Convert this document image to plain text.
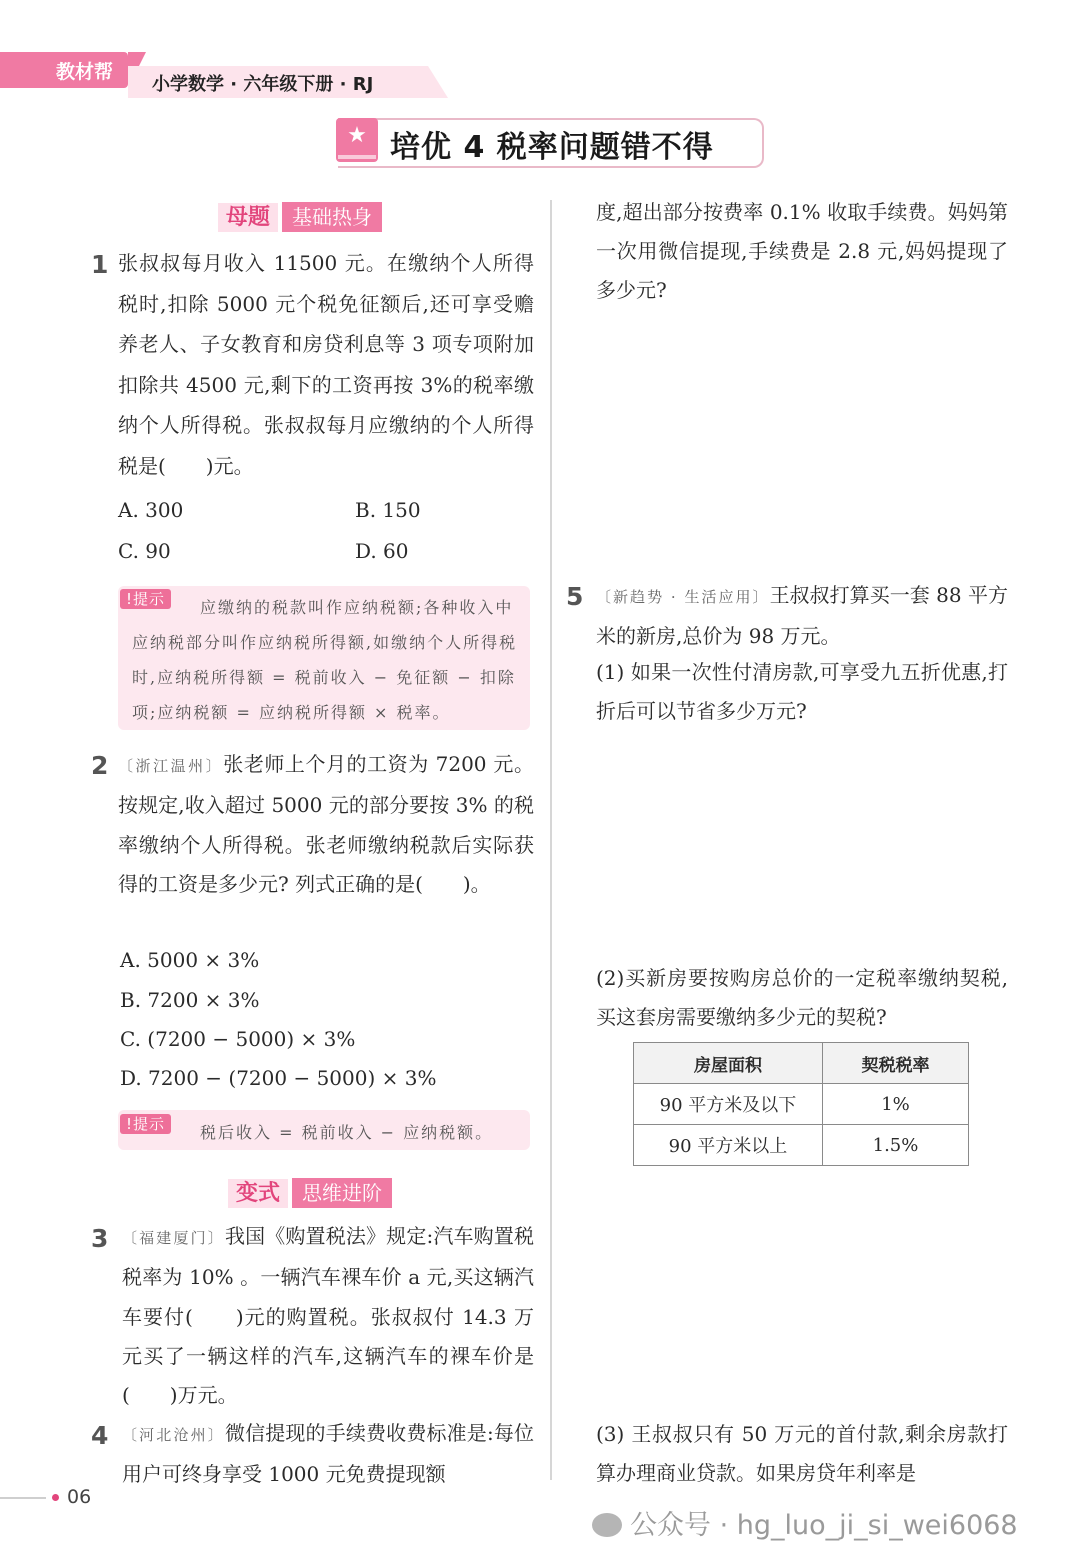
教材帮
小学数学 · 六年级下册 · RJ
★ 培优 4 税率问题错不得
母题 基础热身
1 张叔叔每月收入 11500 元。在缴纳个人所得税时,扣除 5000 元个税免征额后,还可享受赡养老人、子女教育和房贷利息等 3 项专项附加扣除共 4500 元,剩下的工资再按 3%的税率缴纳个人所得税。张叔叔每月应缴纳的个人所得税是(　　)元。
A. 300	B. 150
C. 90	D. 60
!提示	应缴纳的税款叫作应纳税额;各种收入中应纳税部分叫作应纳税所得额,如缴纳个人所得税时,应纳税所得额 = 税前收入 − 免征额 − 扣除项;应纳税额 = 应纳税所得额 × 税率。
2 〔浙江温州〕张老师上个月的工资为 7200 元。按规定,收入超过 5000 元的部分要按 3% 的税率缴纳个人所得税。张老师缴纳税款后实际获得的工资是多少元? 列式正确的是(　　)。
A. 5000 × 3%
B. 7200 × 3%
C. (7200 − 5000) × 3%
D. 7200 − (7200 − 5000) × 3%
!提示	税后收入 = 税前收入 − 应纳税额。
变式 思维进阶
3 〔福建厦门〕我国《购置税法》规定:汽车购置税税率为 10% 。一辆汽车裸车价 a 元,买这辆汽车要付(　　)元的购置税。张叔叔付 14.3 万元买了一辆这样的汽车,这辆汽车的裸车价是(　　)万元。
4 〔河北沧州〕微信提现的手续费收费标准是:每位用户可终身享受 1000 元免费提现额
度,超出部分按费率 0.1% 收取手续费。妈妈第一次用微信提现,手续费是 2.8 元,妈妈提现了多少元?
5 〔新趋势 · 生活应用〕王叔叔打算买一套 88 平方米的新房,总价为 98 万元。
(1) 如果一次性付清房款,可享受九五折优惠,打折后可以节省多少万元?
(2)买新房要按购房总价的一定税率缴纳契税,买这套房需要缴纳多少元的契税?
房屋面积	契税税率
90 平方米及以下	1%
90 平方米以上	1.5%
(3) 王叔叔只有 50 万元的首付款,剩余房款打算办理商业贷款。如果房贷年利率是
06
公众号 · hg_luo_ji_si_wei6068
